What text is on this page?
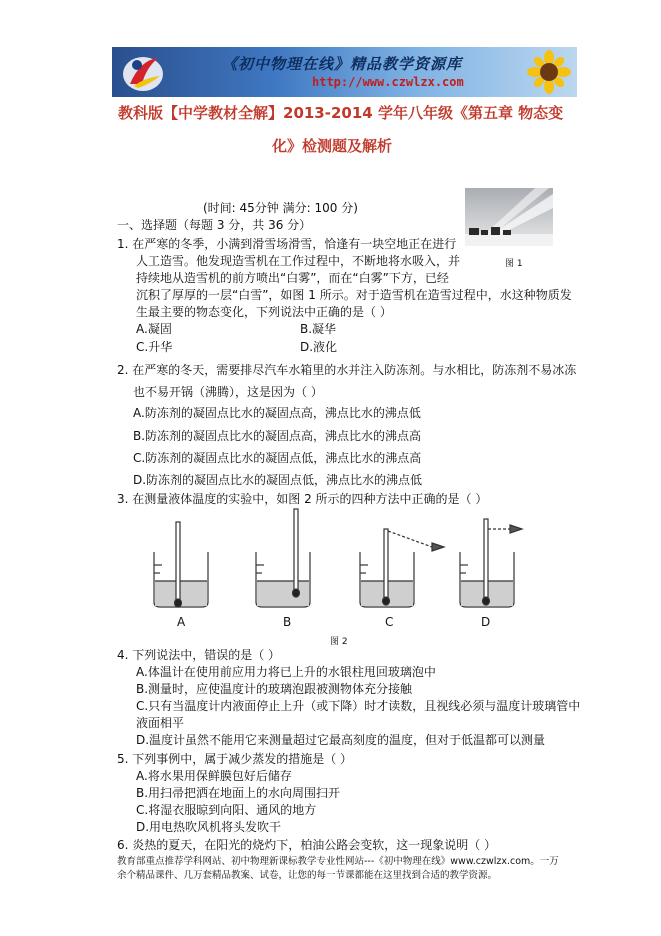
《初中物理在线》精品教学资源库
http://www.czwlzx.com
教科版【中学教材全解】2013-2014 学年八年级《第五章 物态变
化》检测题及解析
(时间: 45分钟 满分: 100 分)
一、选择题（每题 3 分，共 36 分）
图 1
1. 在严寒的冬季，小满到滑雪场滑雪，恰逢有一块空地正在进行
人工造雪。他发现造雪机在工作过程中，不断地将水吸入，并
持续地从造雪机的前方喷出“白雾”，而在“白雾”下方，已经
沉积了厚厚的一层“白雪”，如图 1 所示。对于造雪机在造雪过程中，水这种物质发
生最主要的物态变化，下列说法中正确的是（ ）
A.凝固	B.凝华
C.升华	D.液化
2. 在严寒的冬天，需要排尽汽车水箱里的水并注入防冻剂。与水相比，防冻剂不易冰冻
也不易开锅（沸腾），这是因为（ ）
A.防冻剂的凝固点比水的凝固点高，沸点比水的沸点低
B.防冻剂的凝固点比水的凝固点高，沸点比水的沸点高
C.防冻剂的凝固点比水的凝固点低，沸点比水的沸点高
D.防冻剂的凝固点比水的凝固点低，沸点比水的沸点低
3. 在测量液体温度的实验中，如图 2 所示的四种方法中正确的是（ ）
A	B	C	D
图 2
4. 下列说法中，错误的是（ ）
A.体温计在使用前应用力将已上升的水银柱甩回玻璃泡中
B.测量时，应使温度计的玻璃泡跟被测物体充分接触
C.只有当温度计内液面停止上升（或下降）时才读数，且视线必须与温度计玻璃管中
液面相平
D.温度计虽然不能用它来测量超过它最高刻度的温度，但对于低温都可以测量
5. 下列事例中，属于减少蒸发的措施是（ ）
A.将水果用保鲜膜包好后储存
B.用扫帚把洒在地面上的水向周围扫开
C.将湿衣服晾到向阳、通风的地方
D.用电热吹风机将头发吹干
6. 炎热的夏天，在阳光的烧灼下，柏油公路会变软，这一现象说明（ ）
教育部重点推荐学科网站、初中物理新课标教学专业性网站---《初中物理在线》www.czwlzx.com。一万
余个精品课件、几万套精品教案、试卷，让您的每一节课都能在这里找到合适的教学资源。
